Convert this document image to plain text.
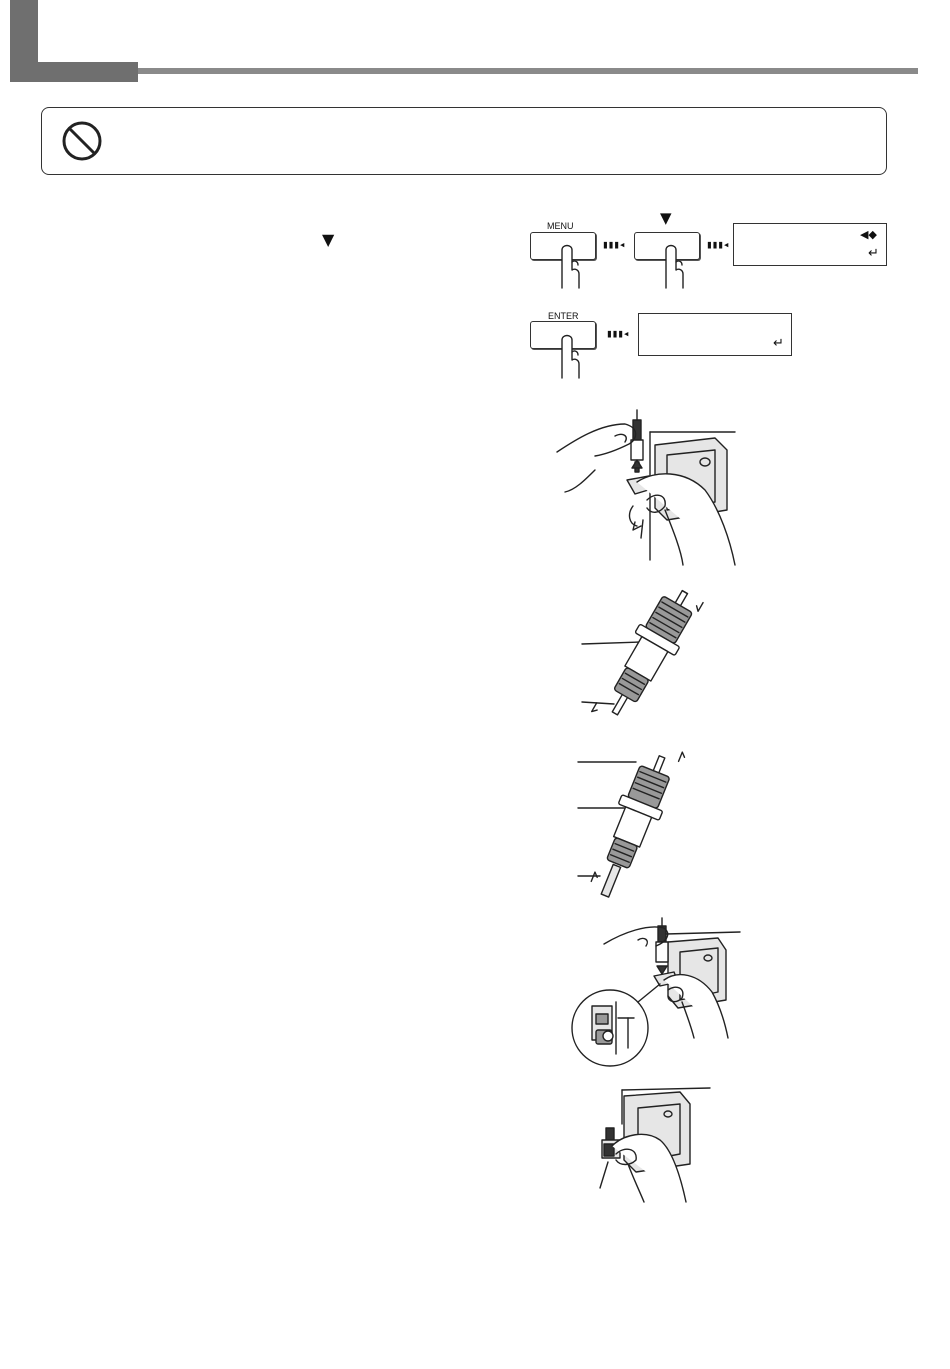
▼
MENU
▮▮▮◂
▼
▮▮▮◂
◀◆
↵
ENTER
▮▮▮◂
↵
